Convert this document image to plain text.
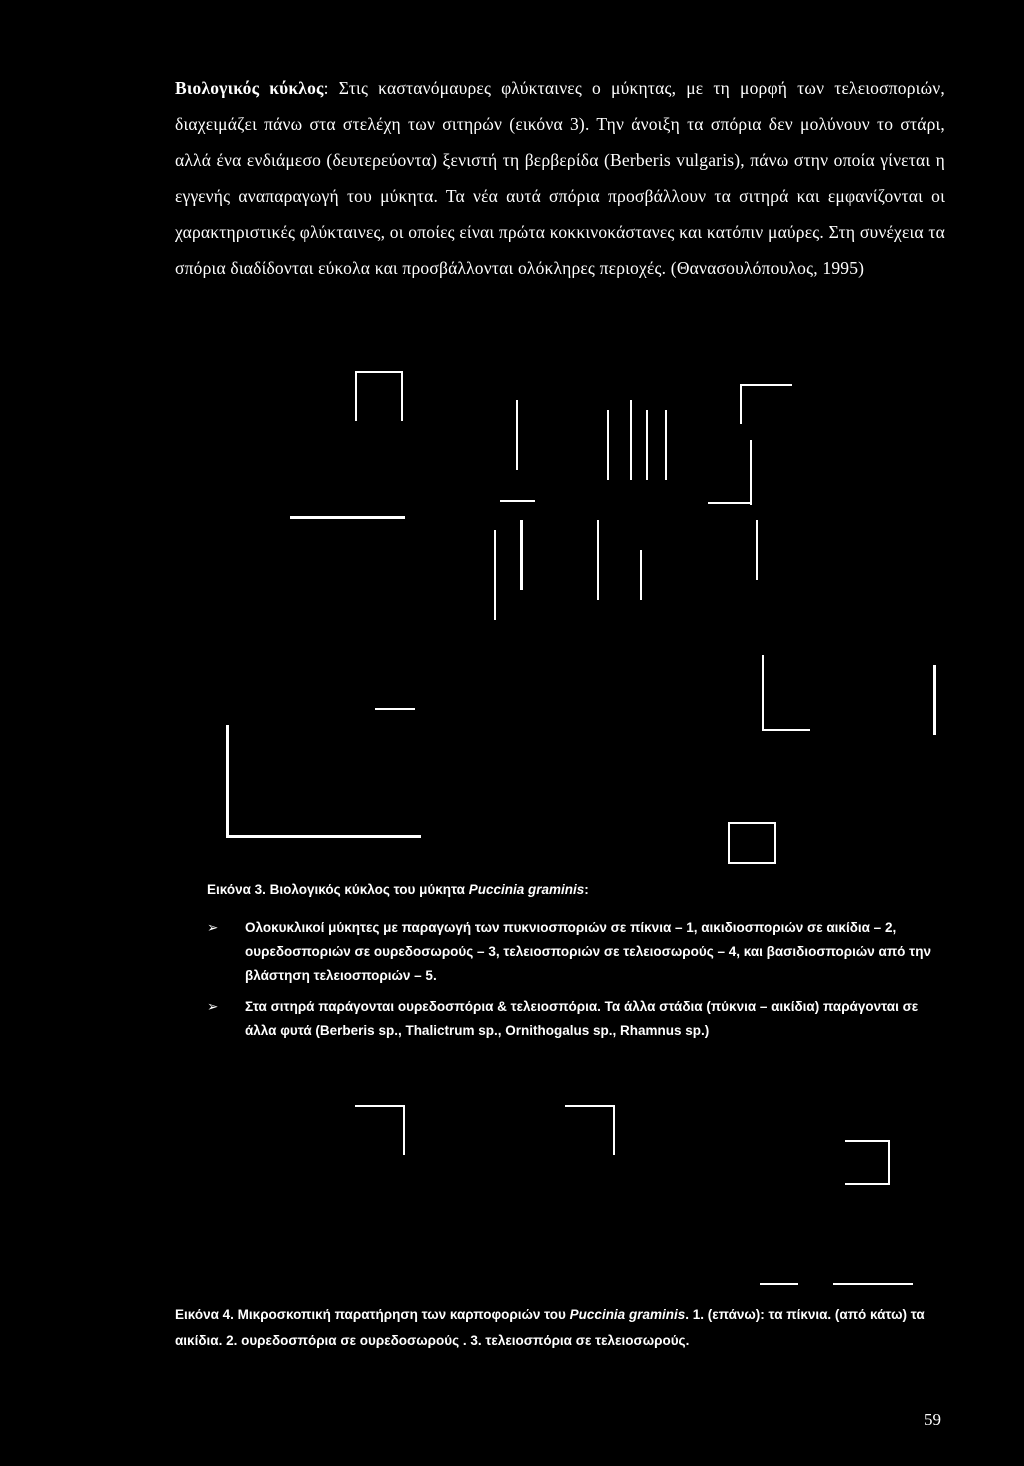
Βιολογικός κύκλος: Στις καστανόμαυρες φλύκταινες ο μύκητας, με τη μορφή των τελειοσποριών, διαχειμάζει πάνω στα στελέχη των σιτηρών (εικόνα 3). Την άνοιξη τα σπόρια δεν μολύνουν το στάρι, αλλά ένα ενδιάμεσο (δευτερεύοντα) ξενιστή τη βερβερίδα (Berberis vulgaris), πάνω στην οποία γίνεται η εγγενής αναπαραγωγή του μύκητα. Τα νέα αυτά σπόρια προσβάλλουν τα σιτηρά και εμφανίζονται οι χαρακτηριστικές φλύκταινες, οι οποίες είναι πρώτα κοκκινοκάστανες και κατόπιν μαύρες. Στη συνέχεια τα σπόρια διαδίδονται εύκολα και προσβάλλονται ολόκληρες περιοχές. (Θανασουλόπουλος, 1995)
Εικόνα 3. Βιολογικός κύκλος του μύκητα Puccinia graminis:
➢ Ολοκυκλικοί μύκητες με παραγωγή των πυκνιοσποριών σε πίκνια – 1, αικιδιοσποριών σε αικίδια – 2, ουρεδοσποριών σε ουρεδοσωρούς – 3, τελειοσποριών σε τελειοσωρούς – 4, και βασιδιοσποριών από την βλάστηση τελειοσποριών – 5.
➢ Στα σιτηρά παράγονται ουρεδοσπόρια & τελειοσπόρια. Τα άλλα στάδια (πύκνια – αικίδια) παράγονται σε άλλα φυτά (Berberis sp., Thalictrum sp., Ornithogalus sp., Rhamnus sp.)
Εικόνα 4. Μικροσκοπική παρατήρηση των καρποφοριών του Puccinia graminis. 1. (επάνω): τα πίκνια. (από κάτω) τα αικίδια. 2. ουρεδοσπόρια σε ουρεδοσωρούς . 3. τελειοσπόρια σε τελειοσωρούς.
59
